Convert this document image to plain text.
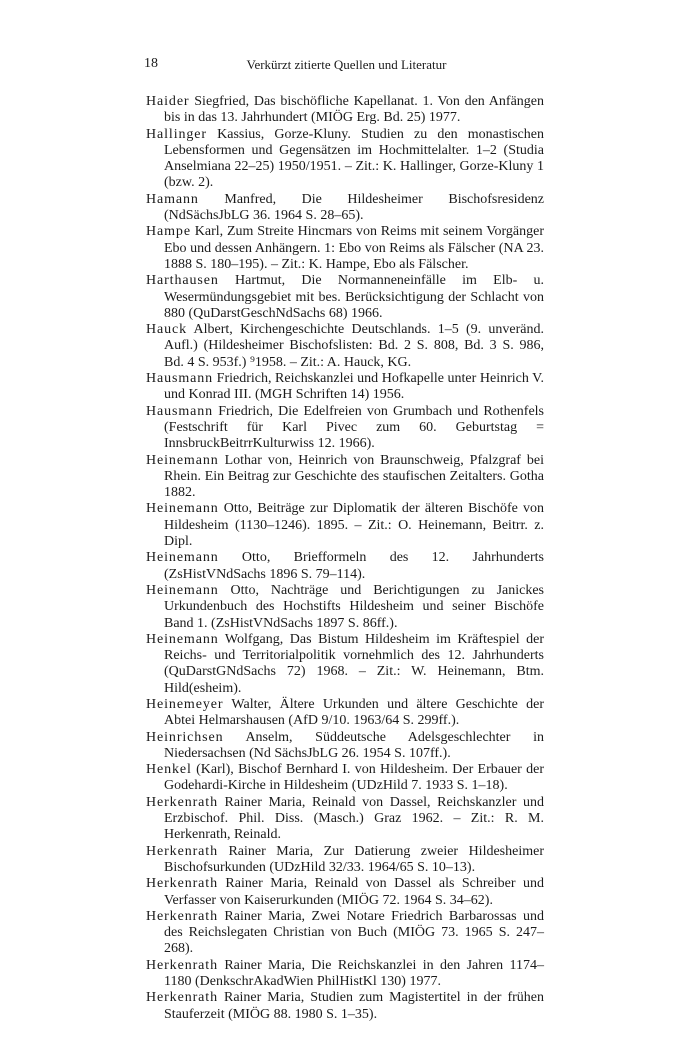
18	Verkürzt zitierte Quellen und Literatur

Haider Siegfried, Das bischöfliche Kapellanat. 1. Von den Anfängen bis in das 13. Jahrhundert (MIÖG Erg. Bd. 25) 1977.

Hallinger Kassius, Gorze-Kluny. Studien zu den monastischen Lebensformen und Gegensätzen im Hochmittelalter. 1–2 (Studia Anselmiana 22–25) 1950/1951. – Zit.: K. Hallinger, Gorze-Kluny 1 (bzw. 2).

Hamann Manfred, Die Hildesheimer Bischofsresidenz (NdSächsJbLG 36. 1964 S. 28–65).

Hampe Karl, Zum Streite Hincmars von Reims mit seinem Vorgänger Ebo und dessen Anhängern. 1: Ebo von Reims als Fälscher (NA 23. 1888 S. 180–195). – Zit.: K. Hampe, Ebo als Fälscher.

Harthausen Hartmut, Die Normanneneinfälle im Elb- u. Wesermündungsgebiet mit bes. Berücksichtigung der Schlacht von 880 (QuDarstGeschNdSachs 68) 1966.

Hauck Albert, Kirchengeschichte Deutschlands. 1–5 (9. unveränd. Aufl.) (Hildesheimer Bischofslisten: Bd. 2 S. 808, Bd. 3 S. 986, Bd. 4 S. 953f.) ⁹1958. – Zit.: A. Hauck, KG.

Hausmann Friedrich, Reichskanzlei und Hofkapelle unter Heinrich V. und Konrad III. (MGH Schriften 14) 1956.

Hausmann Friedrich, Die Edelfreien von Grumbach und Rothenfels (Festschrift für Karl Pivec zum 60. Geburtstag = InnsbruckBeitrrKulturwiss 12. 1966).

Heinemann Lothar von, Heinrich von Braunschweig, Pfalzgraf bei Rhein. Ein Beitrag zur Geschichte des staufischen Zeitalters. Gotha 1882.

Heinemann Otto, Beiträge zur Diplomatik der älteren Bischöfe von Hildesheim (1130–1246). 1895. – Zit.: O. Heinemann, Beitrr. z. Dipl.

Heinemann Otto, Briefformeln des 12. Jahrhunderts (ZsHistVNdSachs 1896 S. 79–114).

Heinemann Otto, Nachträge und Berichtigungen zu Janickes Urkundenbuch des Hochstifts Hildesheim und seiner Bischöfe Band 1. (ZsHistVNdSachs 1897 S. 86ff.).

Heinemann Wolfgang, Das Bistum Hildesheim im Kräftespiel der Reichs- und Territorialpolitik vornehmlich des 12. Jahrhunderts (QuDarstGNdSachs 72) 1968. – Zit.: W. Heinemann, Btm. Hild(esheim).

Heinemeyer Walter, Ältere Urkunden und ältere Geschichte der Abtei Helmarshausen (AfD 9/10. 1963/64 S. 299ff.).

Heinrichsen Anselm, Süddeutsche Adelsgeschlechter in Niedersachsen (Nd SächsJbLG 26. 1954 S. 107ff.).

Henkel (Karl), Bischof Bernhard I. von Hildesheim. Der Erbauer der Godehardi-Kirche in Hildesheim (UDzHild 7. 1933 S. 1–18).

Herkenrath Rainer Maria, Reinald von Dassel, Reichskanzler und Erzbischof. Phil. Diss. (Masch.) Graz 1962. – Zit.: R. M. Herkenrath, Reinald.

Herkenrath Rainer Maria, Zur Datierung zweier Hildesheimer Bischofsurkunden (UDzHild 32/33. 1964/65 S. 10–13).

Herkenrath Rainer Maria, Reinald von Dassel als Schreiber und Verfasser von Kaiserurkunden (MIÖG 72. 1964 S. 34–62).

Herkenrath Rainer Maria, Zwei Notare Friedrich Barbarossas und des Reichslegaten Christian von Buch (MIÖG 73. 1965 S. 247–268).

Herkenrath Rainer Maria, Die Reichskanzlei in den Jahren 1174–1180 (DenkschrAkadWien PhilHistKl 130) 1977.

Herkenrath Rainer Maria, Studien zum Magistertitel in der frühen Stauferzeit (MIÖG 88. 1980 S. 1–35).
